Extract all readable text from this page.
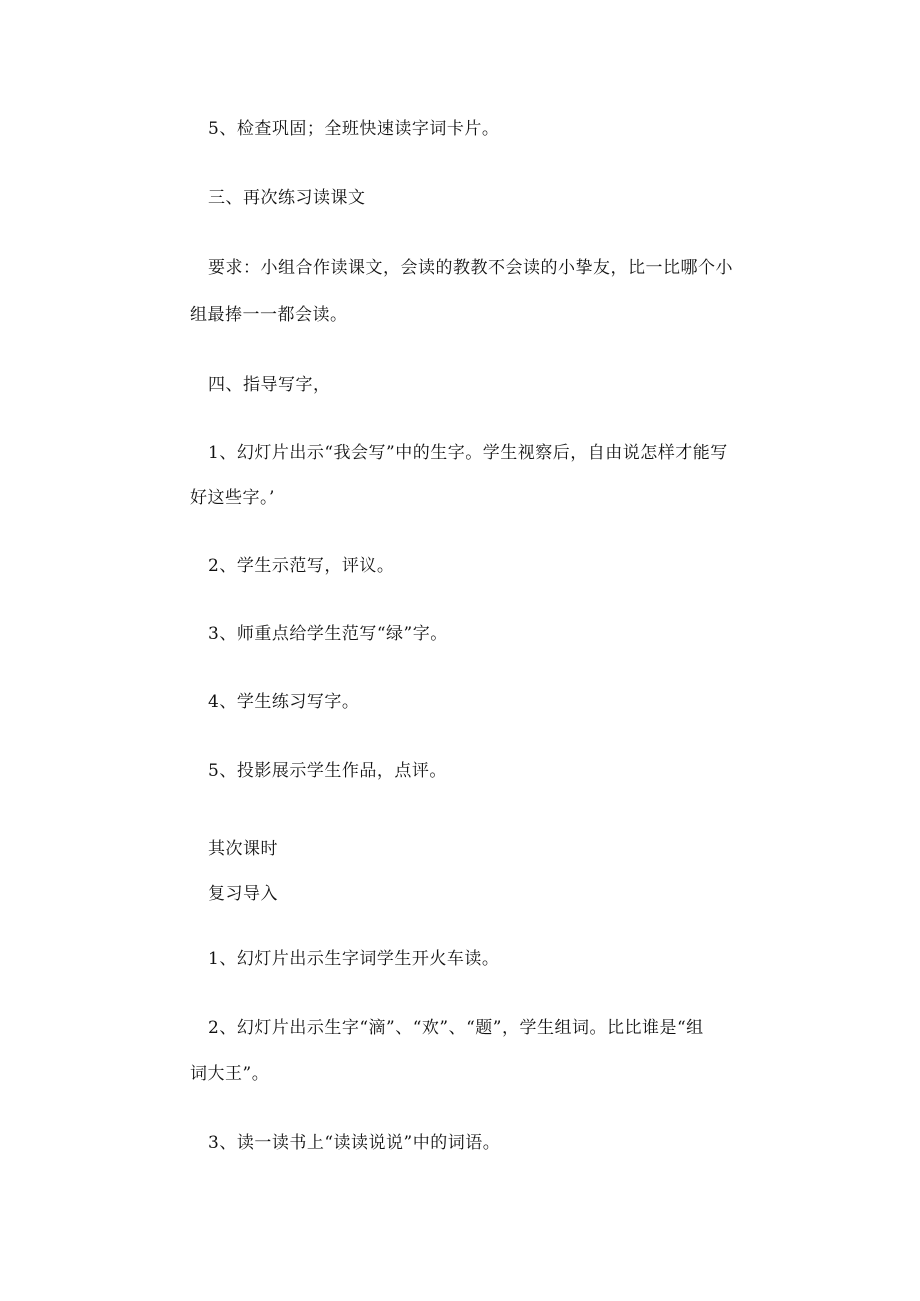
5、检查巩固；全班快速读字词卡片。
三、再次练习读课文
要求：小组合作读课文，会读的教教不会读的小挚友，比一比哪个小
组最捧一一都会读。
四、指导写字，
1、幻灯片出示“我会写”中的生字。学生视察后，自由说怎样才能写
好这些字。’
2、学生示范写，评议。
3、师重点给学生范写“绿”字。
4、学生练习写字。
5、投影展示学生作品，点评。
其次课时
复习导入
1、幻灯片出示生字词学生开火车读。
2、幻灯片出示生字“滴”、“欢”、“题”，学生组词。比比谁是“组
词大王”。
3、读一读书上“读读说说”中的词语。
